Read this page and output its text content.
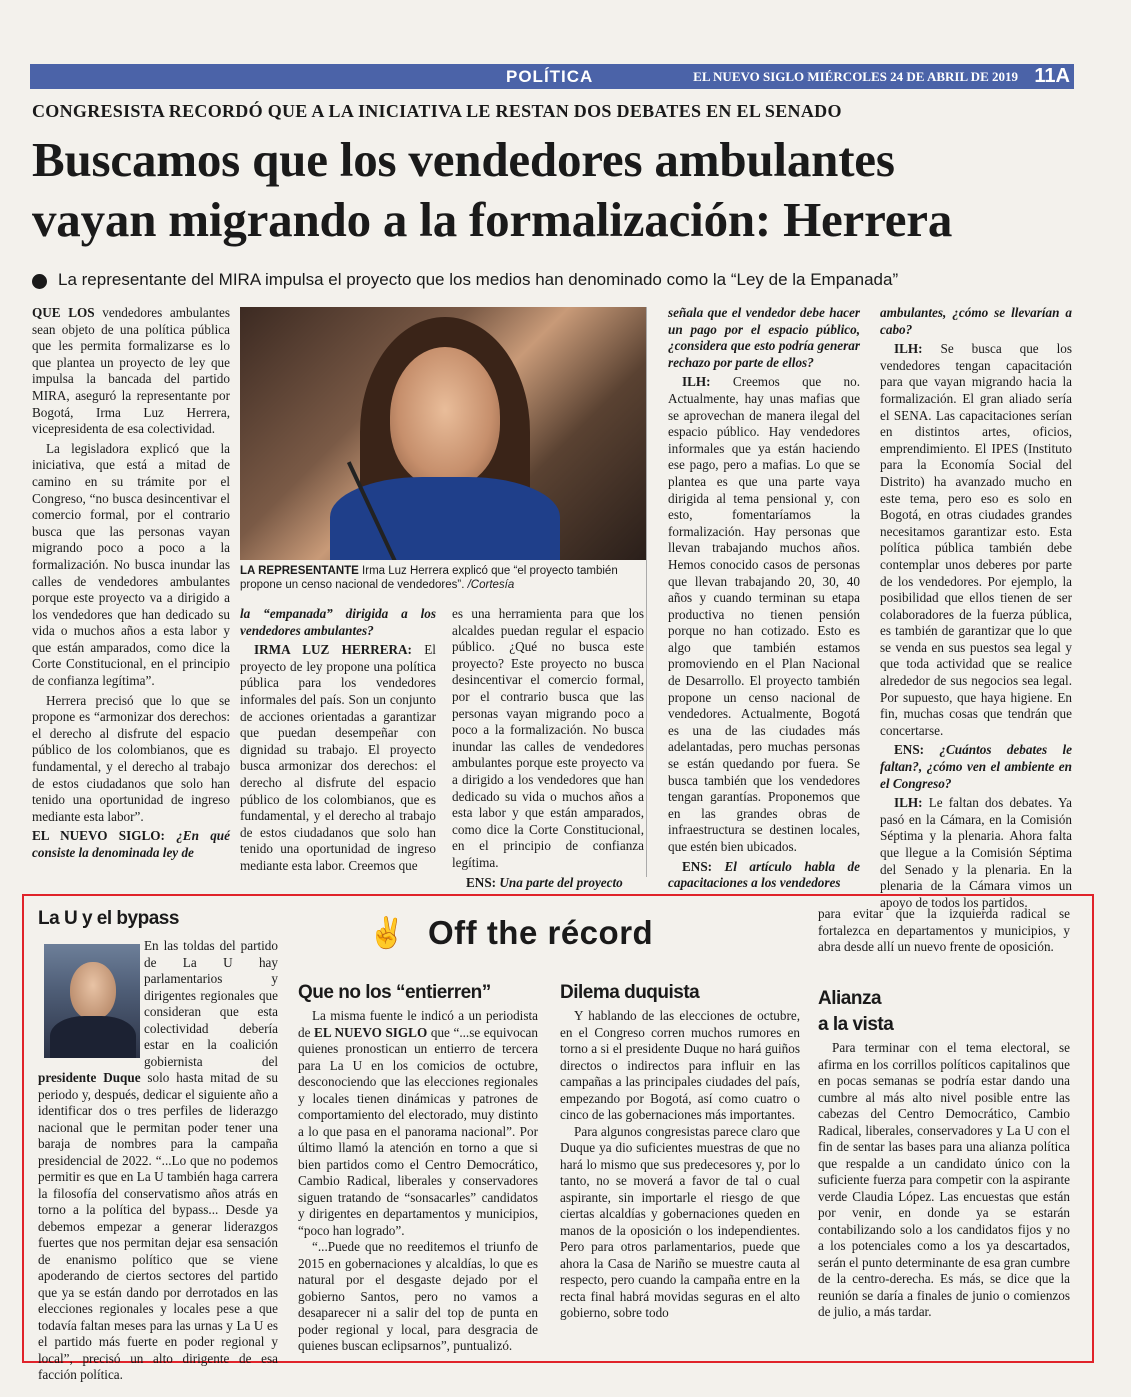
POLÍTICA	EL NUEVO SIGLO MIÉRCOLES 24 DE ABRIL DE 2019 11A
CONGRESISTA RECORDÓ QUE A LA INICIATIVA LE RESTAN DOS DEBATES EN EL SENADO
Buscamos que los vendedores ambulantes
vayan migrando a la formalización: Herrera
La representante del MIRA impulsa el proyecto que los medios han denominado como la “Ley de la Empanada”

QUE LOS vendedores ambulantes sean objeto de una política pública que les permita formalizarse es lo que plantea un proyecto de ley que impulsa la bancada del partido MIRA, aseguró la representante por Bogotá, Irma Luz Herrera, vicepresidenta de esa colectividad.

La legisladora explicó que la iniciativa, que está a mitad de camino en su trámite por el Congreso, “no busca desincentivar el comercio formal, por el contrario busca que las personas vayan migrando poco a poco a la formalización. No busca inundar las calles de vendedores ambulantes porque este proyecto va a dirigido a los vendedores que han dedicado su vida o muchos años a esta labor y que están amparados, como dice la Corte Constitucional, en el principio de confianza legítima”.

Herrera precisó que lo que se propone es “armonizar dos derechos: el derecho al disfrute del espacio público de los colombianos, que es fundamental, y el derecho al trabajo de estos ciudadanos que solo han tenido una oportunidad de ingreso mediante esta labor”.

EL NUEVO SIGLO: ¿En qué consiste la denominada ley de

LA REPRESENTANTE Irma Luz Herrera explicó que “el proyecto también propone un censo nacional de vendedores”. /Cortesía

la “empanada” dirigida a los vendedores ambulantes?

IRMA LUZ HERRERA: El proyecto de ley propone una política pública para los vendedores informales del país. Son un conjunto de acciones orientadas a garantizar que puedan desempeñar con dignidad su trabajo. El proyecto busca armonizar dos derechos: el derecho al disfrute del espacio público de los colombianos, que es fundamental, y el derecho al trabajo de estos ciudadanos que solo han tenido una oportunidad de ingreso mediante esta labor. Creemos que

es una herramienta para que los alcaldes puedan regular el espacio público. ¿Qué no busca este proyecto? Este proyecto no busca desincentivar el comercio formal, por el contrario busca que las personas vayan migrando poco a poco a la formalización. No busca inundar las calles de vendedores ambulantes porque este proyecto va a dirigido a los vendedores que han dedicado su vida o muchos años a esta labor y que están amparados, como dice la Corte Constitucional, en el principio de confianza legítima.

ENS: Una parte del proyecto

señala que el vendedor debe hacer un pago por el espacio público, ¿considera que esto podría generar rechazo por parte de ellos?

ILH: Creemos que no. Actualmente, hay unas mafias que se aprovechan de manera ilegal del espacio público. Hay vendedores informales que ya están haciendo ese pago, pero a mafias. Lo que se plantea es que una parte vaya dirigida al tema pensional y, con esto, fomentaríamos la formalización. Hay personas que llevan trabajando muchos años. Hemos conocido casos de personas que llevan trabajando 20, 30, 40 años y cuando terminan su etapa productiva no tienen pensión porque no han cotizado. Esto es algo que también estamos promoviendo en el Plan Nacional de Desarrollo. El proyecto también propone un censo nacional de vendedores. Actualmente, Bogotá es una de las ciudades más adelantadas, pero muchas personas se están quedando por fuera. Se busca también que los vendedores tengan garantías. Proponemos que en las grandes obras de infraestructura se destinen locales, que estén bien ubicados.

ENS: El artículo habla de capacitaciones a los vendedores

ambulantes, ¿cómo se llevarían a cabo?

ILH: Se busca que los vendedores tengan capacitación para que vayan migrando hacia la formalización. El gran aliado sería el SENA. Las capacitaciones serían en distintos artes, oficios, emprendimiento. El IPES (Instituto para la Economía Social del Distrito) ha avanzado mucho en este tema, pero eso es solo en Bogotá, en otras ciudades grandes necesitamos garantizar esto. Esta política pública también debe contemplar unos deberes por parte de los vendedores. Por ejemplo, la posibilidad que ellos tienen de ser colaboradores de la fuerza pública, es también de garantizar que lo que se venda en sus puestos sea legal y que toda actividad que se realice alrededor de sus negocios sea legal. Por supuesto, que haya higiene. En fin, muchas cosas que tendrán que concertarse.

ENS: ¿Cuántos debates le faltan?, ¿cómo ven el ambiente en el Congreso?

ILH: Le faltan dos debates. Ya pasó en la Cámara, en la Comisión Séptima y la plenaria. Ahora falta que llegue a la Comisión Séptima del Senado y la plenaria. En la plenaria de la Cámara vimos un apoyo de todos los partidos.

✌ Off the récord
La U y el bypass

En las toldas del partido de La U hay parlamentarios y dirigentes regionales que consideran que esta colectividad debería estar en la coalición gobiernista del presidente Duque solo hasta mitad de su periodo y, después, dedicar el siguiente año a identificar dos o tres perfiles de liderazgo nacional que le permitan poder tener una baraja de nombres para la campaña presidencial de 2022. “...Lo que no podemos permitir es que en La U también haga carrera la filosofía del conservatismo años atrás en torno a la política del bypass... Desde ya debemos empezar a generar liderazgos fuertes que nos permitan dejar esa sensación de enanismo político que se viene apoderando de ciertos sectores del partido que ya se están dando por derrotados en las elecciones regionales y locales pese a que todavía faltan meses para las urnas y La U es el partido más fuerte en poder regional y local”, precisó un alto dirigente de esa facción política.

Que no los “entierren”

La misma fuente le indicó a un periodista de EL NUEVO SIGLO que “...se equivocan quienes pronostican un entierro de tercera para La U en los comicios de octubre, desconociendo que las elecciones regionales y locales tienen dinámicas y patrones de comportamiento del electorado, muy distinto a lo que pasa en el panorama nacional”. Por último llamó la atención en torno a que si bien partidos como el Centro Democrático, Cambio Radical, liberales y conservadores siguen tratando de “sonsacarles” candidatos y dirigentes en departamentos y municipios, “poco han logrado”.

“...Puede que no reeditemos el triunfo de 2015 en gobernaciones y alcaldías, lo que es natural por el desgaste dejado por el gobierno Santos, pero no vamos a desaparecer ni a salir del top de punta en poder regional y local, para desgracia de quienes buscan eclipsarnos”, puntualizó.

Dilema duquista

Y hablando de las elecciones de octubre, en el Congreso corren muchos rumores en torno a si el presidente Duque no hará guiños directos o indirectos para influir en las campañas a las principales ciudades del país, empezando por Bogotá, así como cuatro o cinco de las gobernaciones más importantes.

Para algunos congresistas parece claro que Duque ya dio suficientes muestras de que no hará lo mismo que sus predecesores y, por lo tanto, no se moverá a favor de tal o cual aspirante, sin importarle el riesgo de que ciertas alcaldías y gobernaciones queden en manos de la oposición o los independientes. Pero para otros parlamentarios, puede que ahora la Casa de Nariño se muestre cauta al respecto, pero cuando la campaña entre en la recta final habrá movidas seguras en el alto gobierno, sobre todo

para evitar que la izquierda radical se fortalezca en departamentos y municipios, y abra desde allí un nuevo frente de oposición.

Alianza
a la vista

Para terminar con el tema electoral, se afirma en los corrillos políticos capitalinos que en pocas semanas se podría estar dando una cumbre al más alto nivel posible entre las cabezas del Centro Democrático, Cambio Radical, liberales, conservadores y La U con el fin de sentar las bases para una alianza política que respalde a un candidato único con la suficiente fuerza para competir con la aspirante verde Claudia López. Las encuestas que están por venir, en donde ya se estarán contabilizando solo a los candidatos fijos y no a los potenciales como a los ya descartados, serán el punto determinante de esa gran cumbre de la centro-derecha. Es más, se dice que la reunión se daría a finales de junio o comienzos de julio, a más tardar.
